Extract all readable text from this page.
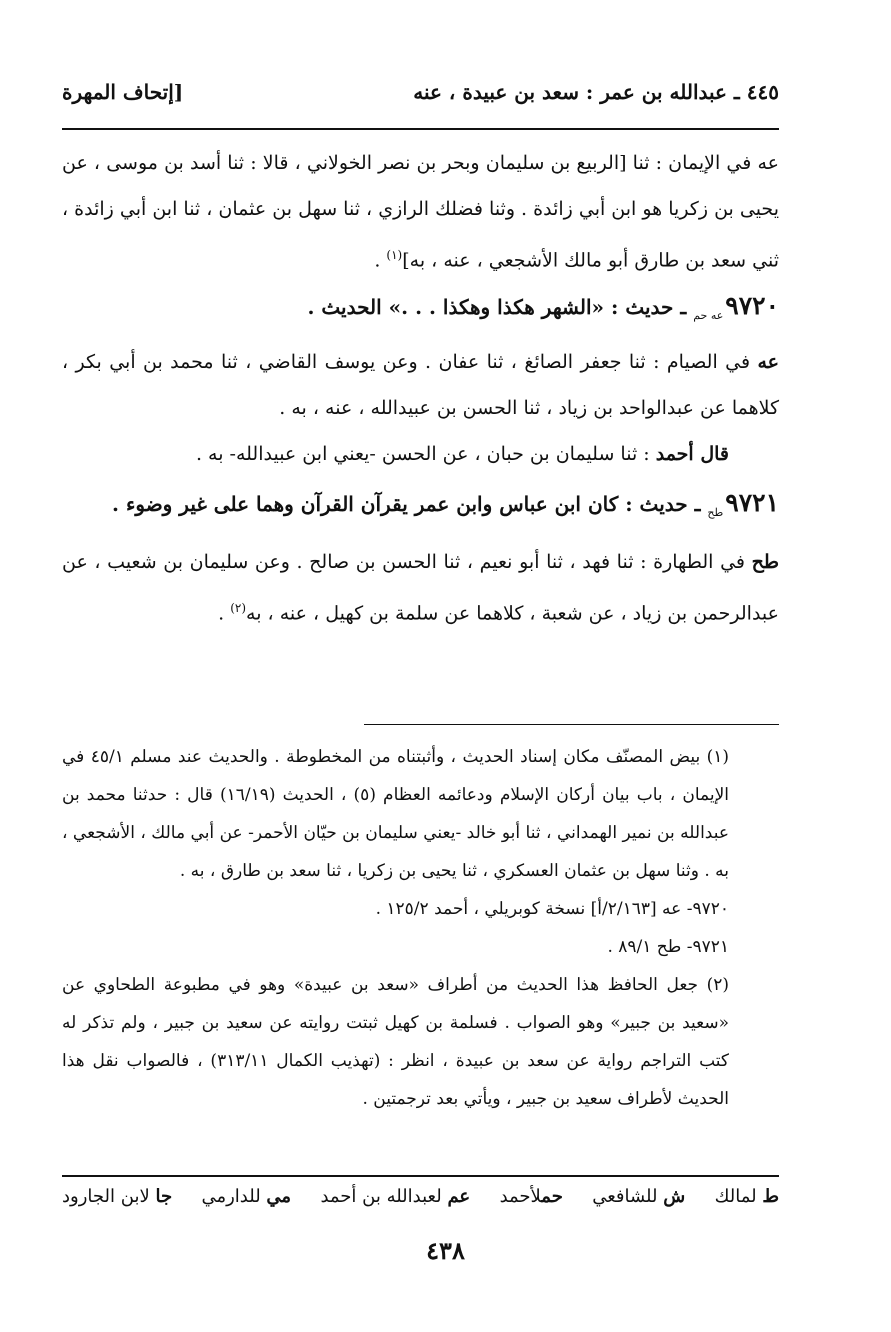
٤٤٥ ـ عبدالله بن عمر : سعد بن عبيدة ، عنه
[إتحاف المهرة

عه في الإيمان : ثنا [الربيع بن سليمان وبحر بن نصر الخولاني ، قالا : ثنا أسد بن موسى ، عن يحيى بن زكريا هو ابن أبي زائدة . وثنا فضلك الرازي ، ثنا سهل بن عثمان ، ثنا ابن أبي زائدة ، ثني سعد بن طارق أبو مالك الأشجعي ، عنه ، به]$^{(١)}$ .

$٩٧٢٠_{عه حم}$ ـ حديث : «الشهر هكذا وهكذا . . .» الحديث .

عه في الصيام : ثنا جعفر الصائغ ، ثنا عفان . وعن يوسف القاضي ، ثنا محمد بن أبي بكر ، كلاهما عن عبدالواحد بن زياد ، ثنا الحسن بن عبيدالله ، عنه ، به .

قال أحمد : ثنا سليمان بن حبان ، عن الحسن -يعني ابن عبيدالله- به .

$٩٧٢١_{طح}$ ـ حديث : كان ابن عباس وابن عمر يقرآن القرآن وهما على غير وضوء .

طح في الطهارة : ثنا فهد ، ثنا أبو نعيم ، ثنا الحسن بن صالح . وعن سليمان بن شعيب ، عن عبدالرحمن بن زياد ، عن شعبة ، كلاهما عن سلمة بن كهيل ، عنه ، به$^{(٢)}$ .

(١) بيض المصنّف مكان إسناد الحديث ، وأثبتناه من المخطوطة . والحديث عند مسلم ٤٥/١ في الإيمان ، باب بيان أركان الإسلام ودعائمه العظام (٥) ، الحديث (١٦/١٩) قال : حدثنا محمد بن عبدالله بن نمير الهمداني ، ثنا أبو خالد -يعني سليمان بن حيّان الأحمر- عن أبي مالك ، الأشجعي ، به . وثنا سهل بن عثمان العسكري ، ثنا يحيى بن زكريا ، ثنا سعد بن طارق ، به .

٩٧٢٠- عه [٢/١٦٣/أ] نسخة كوبريلي ، أحمد ١٢٥/٢ .

٩٧٢١- طح ٨٩/١ .

(٢) جعل الحافظ هذا الحديث من أطراف «سعد بن عبيدة» وهو في مطبوعة الطحاوي عن «سعيد بن جبير» وهو الصواب . فسلمة بن كهيل ثبتت روايته عن سعيد بن جبير ، ولم تذكر له كتب التراجم رواية عن سعد بن عبيدة ، انظر : (تهذيب الكمال ٣١٣/١١) ، فالصواب نقل هذا الحديث لأطراف سعيد بن جبير ، ويأتي بعد ترجمتين .

ط لمالك
ش للشافعي
حملأحمد
عم لعبدالله بن أحمد
مي للدارمي
جا لابن الجارود
٤٣٨
